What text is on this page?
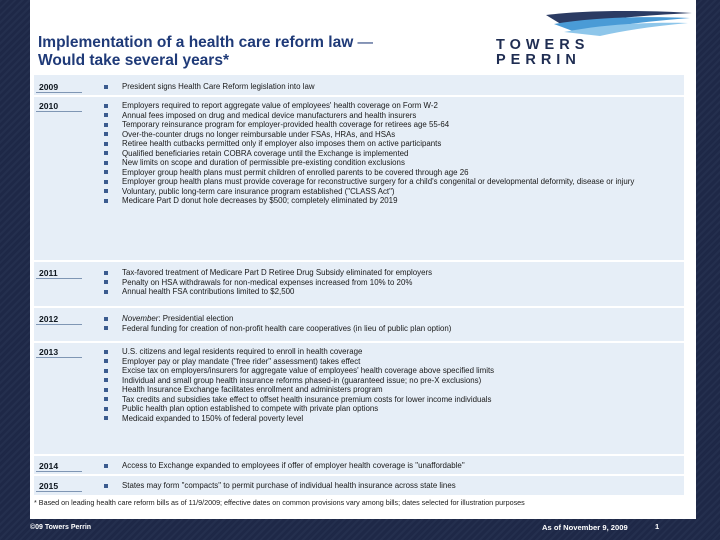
Implementation of a health care reform law —
Would take several years*
TOWERS
PERRIN
2009	President signs Health Care Reform legislation into law
2010	Employers required to report aggregate value of employees' health coverage on Form W-2
Annual fees imposed on drug and medical device manufacturers and health insurers
Temporary reinsurance program for employer-provided health coverage for retirees age 55-64
Over-the-counter drugs no longer reimbursable under FSAs, HRAs, and HSAs
Retiree health cutbacks permitted only if employer also imposes them on active participants
Qualified beneficiaries retain COBRA coverage until the Exchange is implemented
New limits on scope and duration of permissible pre-existing condition exclusions
Employer group health plans must permit children of enrolled parents to be covered through age 26
Employer group health plans must provide coverage for reconstructive surgery for a child's congenital or developmental deformity, disease or injury
Voluntary, public long-term care insurance program established ("CLASS Act")
Medicare Part D donut hole decreases by $500; completely eliminated by 2019
2011	Tax-favored treatment of Medicare Part D Retiree Drug Subsidy eliminated for employers
Penalty on HSA withdrawals for non-medical expenses increased from 10% to 20%
Annual health FSA contributions limited to $2,500
2012	November: Presidential election
Federal funding for creation of non-profit health care cooperatives (in lieu of public plan option)
2013	U.S. citizens and legal residents required to enroll in health coverage
Employer pay or play mandate ("free rider" assessment) takes effect
Excise tax on employers/insurers for aggregate value of employees' health coverage above specified limits
Individual and small group health insurance reforms phased-in (guaranteed issue; no pre-X exclusions)
Health Insurance Exchange facilitates enrollment and administers program
Tax credits and subsidies take effect to offset health insurance premium costs for lower income individuals
Public health plan option established to compete with private plan options
Medicaid expanded to 150% of federal poverty level
2014	Access to Exchange expanded to employees if offer of employer health coverage is "unaffordable"
2015	States may form "compacts" to permit purchase of individual health insurance across state lines
* Based on leading health care reform bills as of 11/9/2009; effective dates on common provisions vary among bills; dates selected for illustration purposes
©09 Towers Perrin	As of November 9, 2009	1
